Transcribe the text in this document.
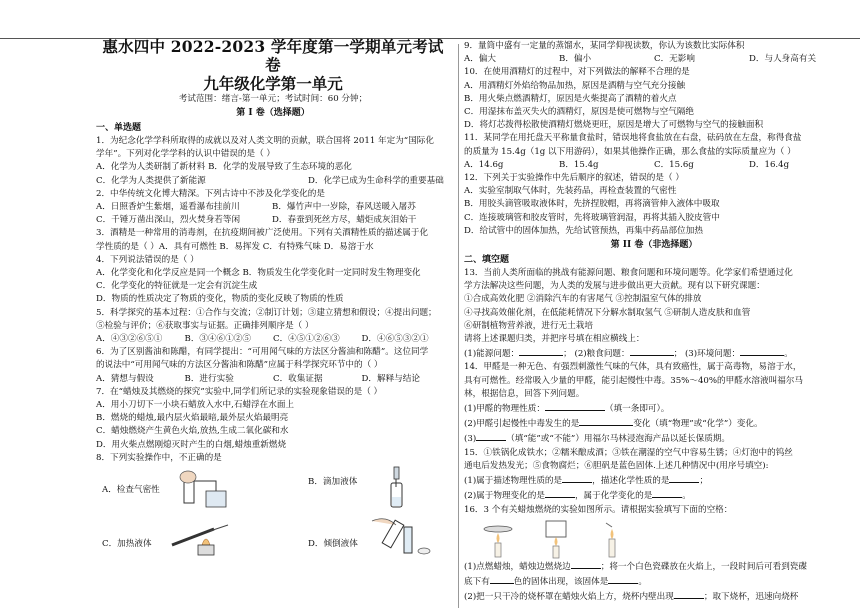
惠水四中 2022-2023 学年度第一学期单元考试卷
九年级化学第一单元
考试范围：绪言-第一单元；考试时间：60 分钟；
第 I 卷（选择题）
一、单选题
1．为纪念化学学科所取得的成就以及对人类文明的贡献，联合国将 2011 年定为“国际化
学年”。下列对化学学科的认识中错误的是（ ）
A．化学为人类研制了新材料 B．化学的发展导致了生态环境的恶化
C．化学为人类提供了新能源	D．化学已成为生命科学的重要基础
2．中华传统文化博大精深。下列古诗中不涉及化学变化的是
A．日照香炉生紫烟，遥看瀑布挂前川	B．爆竹声中一岁除，春风送暖入屠苏
C．千锤万凿出深山，烈火焚身若等闲	D．春蚕到死丝方尽，蜡炬成灰泪始干
3．酒精是一种常用的消毒剂，在抗疫期间被广泛使用。下列有关酒精性质的描述属于化
学性质的是（ ）A．具有可燃性 B．易挥发 C．有特殊气味 D．易溶于水
4．下列说法错误的是（ ）
A．化学变化和化学反应是同一个概念 B．物质发生化学变化时一定同时发生物理变化
C．化学变化的特征就是一定会有沉淀生成
D．物质的性质决定了物质的变化，物质的变化反映了物质的性质
5．科学探究的基本过程：①合作与交流；②制订计划；③建立猜想和假设；④提出问题；
⑤检验与评价；⑥获取事实与证据。正确排列顺序是（ ）
A．④③②⑥⑤①	B．③④⑥①②⑤	C．④⑤①②⑥③	D．④⑥⑤③②①
6．为了区别酱油和陈醋，有同学提出：“可用闻气味的方法区分酱油和陈醋”。这位同学
的说法中“可用闻气味的方法区分酱油和陈醋”应属于科学探究环节中的（ ）
A．猜想与假设	B．进行实验	C．收集证据	D．解释与结论
7．在“蜡烛及其燃烧的探究”实验中,同学们所记录的实验现象错误的是（ ）
A．用小刀切下一小块石蜡放入水中,石蜡浮在水面上
B．燃烧的蜡烛,最内层火焰最暗,最外层火焰最明亮
C．蜡烛燃烧产生黄色火焰,放热,生成二氧化碳和水
D．用火柴点燃刚熄灭时产生的白烟,蜡烛重新燃烧
8．下列实验操作中，不正确的是
A．检查气密性
B．滴加液体
C．加热液体	D．倾倒液体
9．量筒中盛有一定量的蒸馏水，某同学仰视读数，你认为该数比实际体积
A．偏大	B．偏小	C．无影响	D．与人身高有关
10．在使用酒精灯的过程中，对下列做法的解释不合理的是
A．用酒精灯外焰给物品加热，原因是酒精与空气充分接触
B．用火柴点燃酒精灯，原因是火柴提高了酒精的着火点
C．用湿抹布盖灭失火的酒精灯，原因是使可燃物与空气隔绝
D．将灯芯拨得松散使酒精灯燃烧更旺，原因是增大了可燃物与空气的接触面积
11．某同学在用托盘天平称量食盐时，错误地将食盐放在右盘，砝码放在左盘，称得食盐
的质量为 15.4g（1g 以下用游码），如果其他操作正确，那么食盐的实际质量应为（ ）
A．14.6g	B．15.4g	C．15.6g	D．16.4g
12．下列关于实验操作中先后顺序的叙述，错误的是（ ）
A．实验室制取气体时，先装药品，再检查装置的气密性
B．用胶头滴管吸取液体时，先挤捏胶帽，再将滴管伸入液体中吸取
C．连接玻璃管和胶皮管时，先将玻璃管润湿，再将其插入胶皮管中
D．给试管中的固体加热，先给试管预热，再集中药品部位加热
第 II 卷（非选择题）
二、填空题
13．当前人类所面临的挑战有能源问题、粮食问题和环境问题等。化学家们希望通过化
学方法解决这些问题，为人类的发展与进步做出更大贡献。现有以下研究课题：
①合成高效化肥 ②消除汽车的有害尾气 ③控制温室气体的排放
④寻找高效催化剂，在低能耗情况下分解水制取氢气 ⑤研制人造皮肤和血管
⑥研制植物营养液，进行无土栽培
请将上述课题归类，并把序号填在相应横线上：
(1)能源问题：	； (2)粮食问题：	； (3)环境问题：	。
14．甲醛是一种无色、有强烈刺激性气味的气体，具有致癌性，属于高毒物，易溶于水，
具有可燃性。经常吸入少量的甲醛，能引起慢性中毒。35%～40%的甲醛水溶液叫福尔马
林，根据信息，回答下列问题。
(1)甲醛的物理性质：	（填一条即可）。
(2)甲醛引起慢性中毒发生的是	变化（填“物理”或“化学”）变化。
(3)	（填“能”或“不能”）用福尔马林浸泡海产品以延长保质期。
15．①铁锅化成铁水；②糯米酿成酒；③铁在潮湿的空气中容易生锈；④灯泡中的钨丝
通电后发热发光；⑤食物腐烂；⑥胆矾是蓝色固体.上述几种情况中(用序号填空):
(1)属于描述物理性质的是	，描述化学性质的是	；
(2)属于物理变化的是	，属于化学变化的是	。
16．3 个有关蜡烛燃烧的实验如图所示。请根据实验填写下面的空格：
(1)点燃蜡烛，蜡烛边燃烧边	；将一个白色瓷碟放在火焰上，一段时间后可看到瓷碟
底下有	色的固体出现，该固体是	。
(2)把一只干冷的烧杯罩在蜡烛火焰上方，烧杯内壁出现	；取下烧杯，迅速向烧杯
